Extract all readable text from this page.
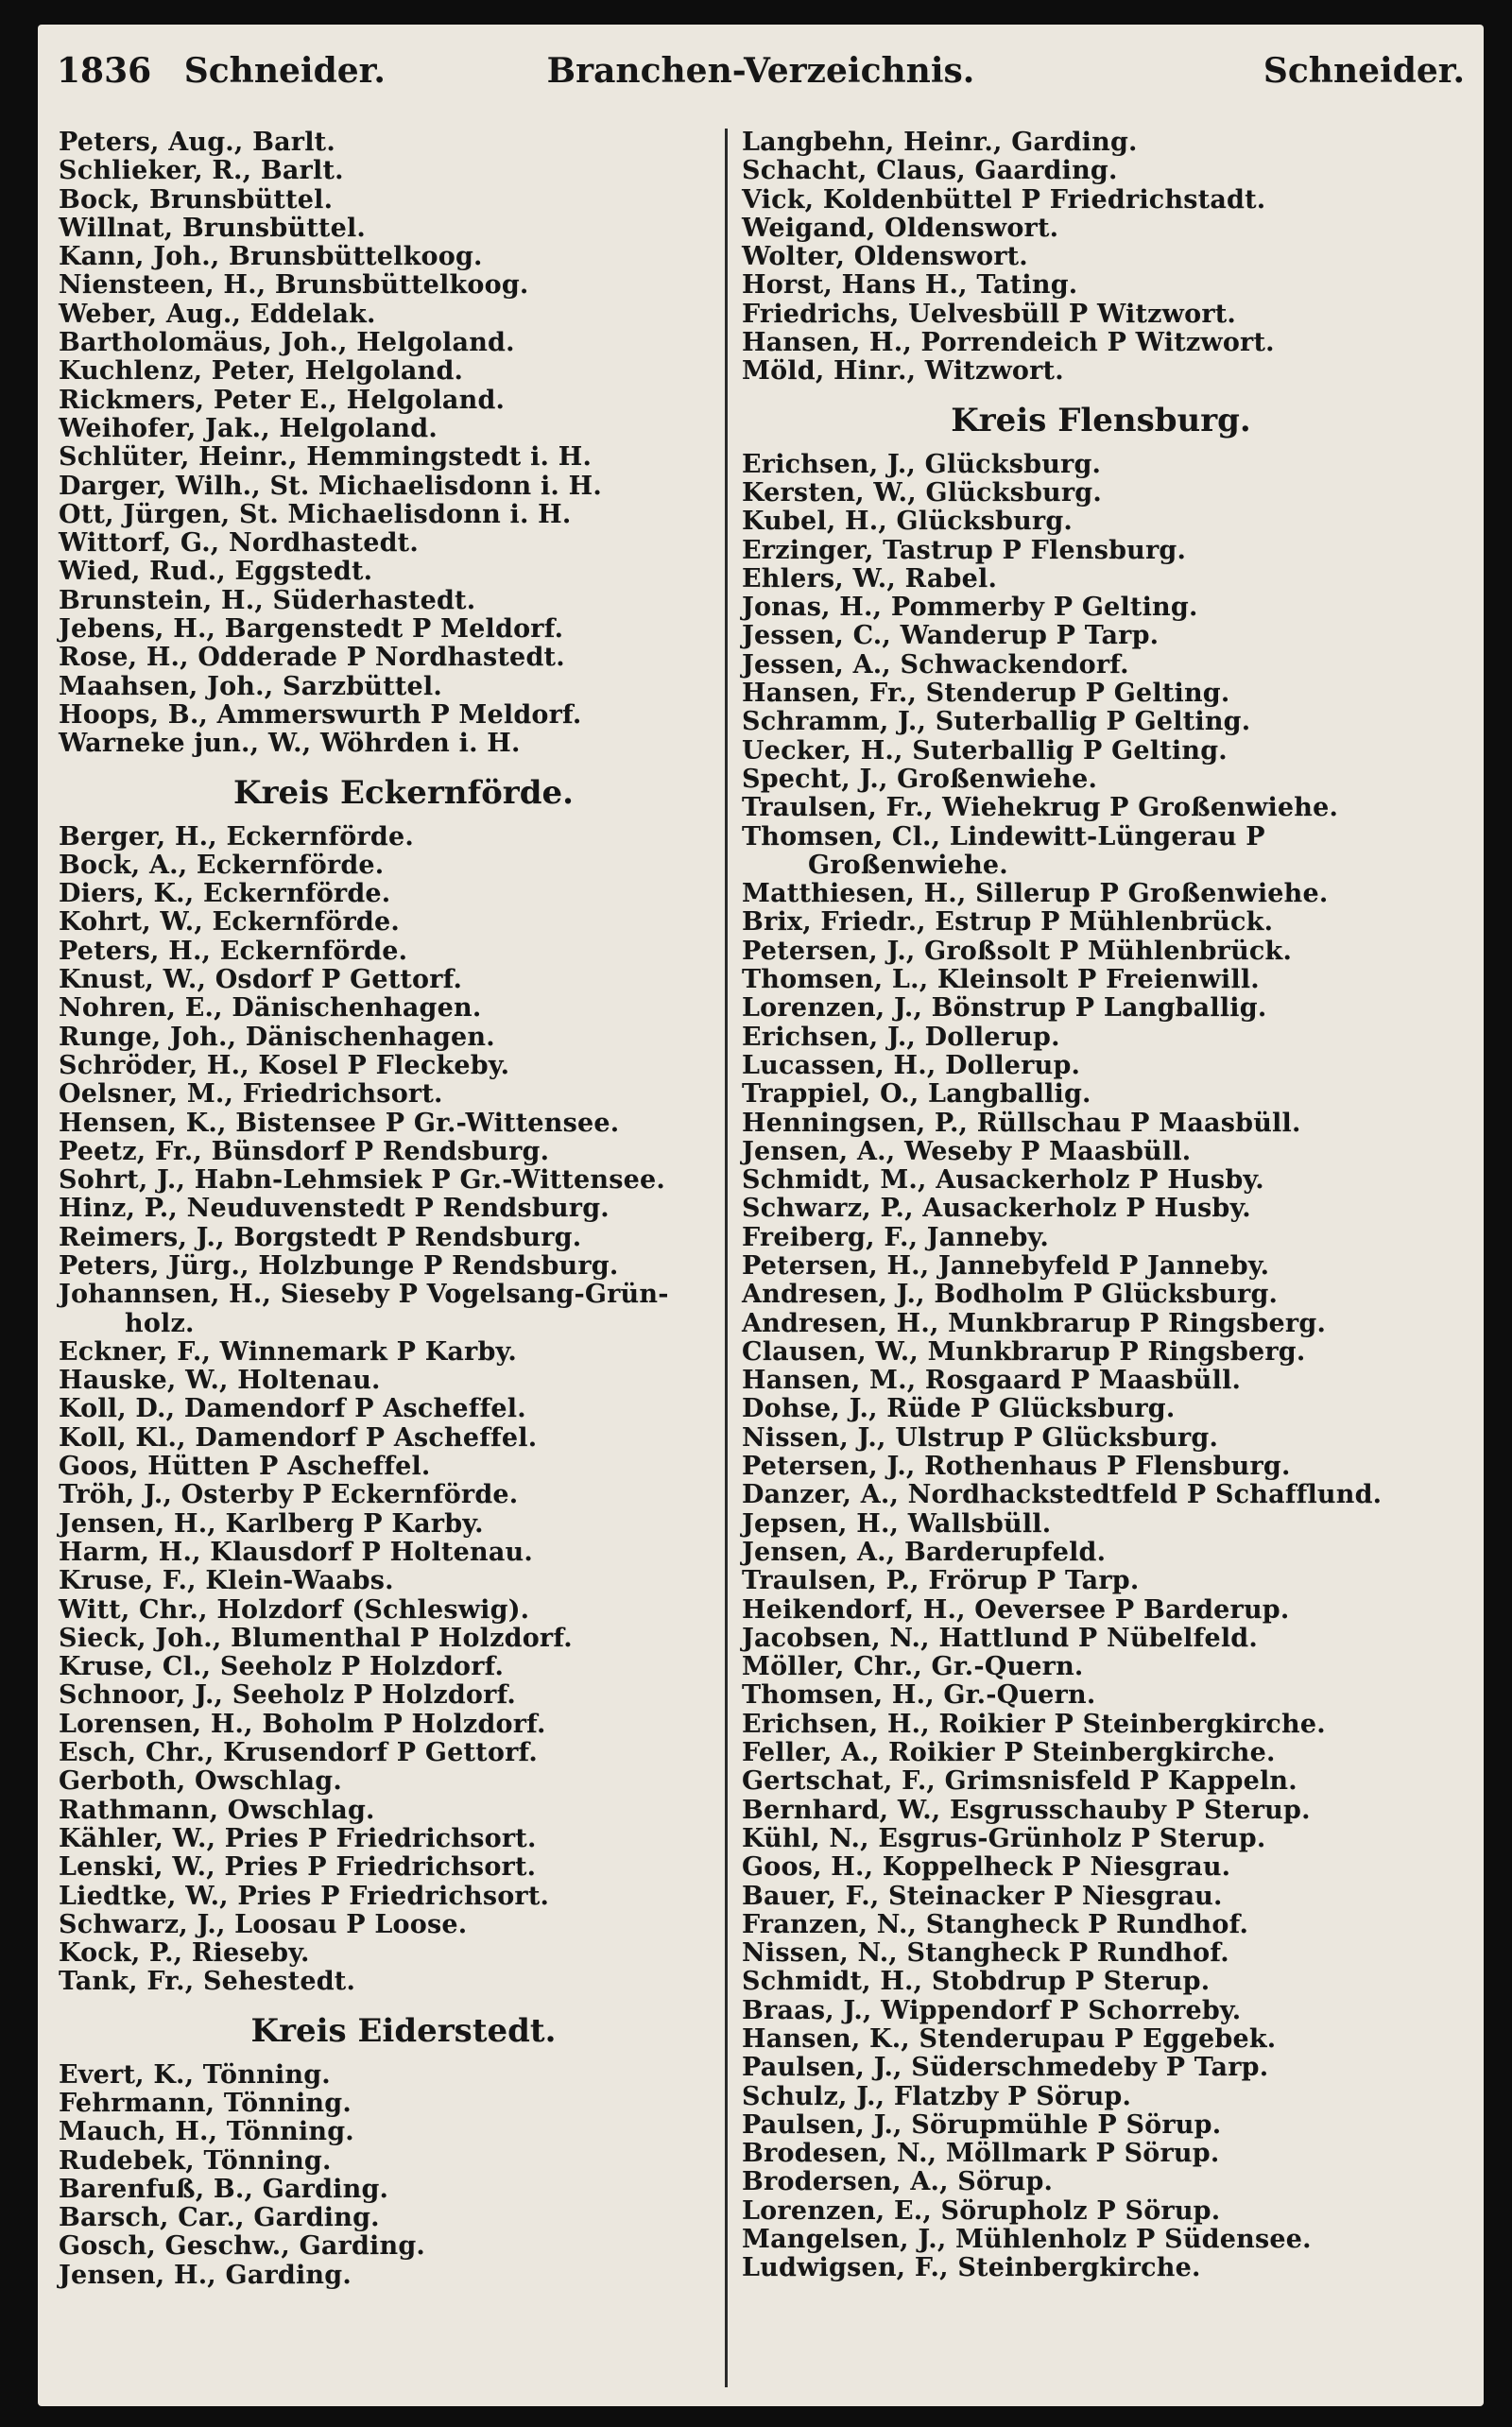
1836 Schneider.	Branchen-Verzeichnis.	Schneider.
Peters, Aug., Barlt.
Schlieker, R., Barlt.
Bock, Brunsbüttel.
Willnat, Brunsbüttel.
Kann, Joh., Brunsbüttelkoog.
Niensteen, H., Brunsbüttelkoog.
Weber, Aug., Eddelak.
Bartholomäus, Joh., Helgoland.
Kuchlenz, Peter, Helgoland.
Rickmers, Peter E., Helgoland.
Weihofer, Jak., Helgoland.
Schlüter, Heinr., Hemmingstedt i. H.
Darger, Wilh., St. Michaelisdonn i. H.
Ott, Jürgen, St. Michaelisdonn i. H.
Wittorf, G., Nordhastedt.
Wied, Rud., Eggstedt.
Brunstein, H., Süderhastedt.
Jebens, H., Bargenstedt P Meldorf.
Rose, H., Odderade P Nordhastedt.
Maahsen, Joh., Sarzbüttel.
Hoops, B., Ammerswurth P Meldorf.
Warneke jun., W., Wöhrden i. H.
Kreis Eckernförde.
Berger, H., Eckernförde.
Bock, A., Eckernförde.
Diers, K., Eckernförde.
Kohrt, W., Eckernförde.
Peters, H., Eckernförde.
Knust, W., Osdorf P Gettorf.
Nohren, E., Dänischenhagen.
Runge, Joh., Dänischenhagen.
Schröder, H., Kosel P Fleckeby.
Oelsner, M., Friedrichsort.
Hensen, K., Bistensee P Gr.-Wittensee.
Peetz, Fr., Bünsdorf P Rendsburg.
Sohrt, J., Habn-Lehmsiek P Gr.-Wittensee.
Hinz, P., Neuduvenstedt P Rendsburg.
Reimers, J., Borgstedt P Rendsburg.
Peters, Jürg., Holzbunge P Rendsburg.
Johannsen, H., Sieseby P Vogelsang-Grün-
holz.
Eckner, F., Winnemark P Karby.
Hauske, W., Holtenau.
Koll, D., Damendorf P Ascheffel.
Koll, Kl., Damendorf P Ascheffel.
Goos, Hütten P Ascheffel.
Tröh, J., Osterby P Eckernförde.
Jensen, H., Karlberg P Karby.
Harm, H., Klausdorf P Holtenau.
Kruse, F., Klein-Waabs.
Witt, Chr., Holzdorf (Schleswig).
Sieck, Joh., Blumenthal P Holzdorf.
Kruse, Cl., Seeholz P Holzdorf.
Schnoor, J., Seeholz P Holzdorf.
Lorensen, H., Boholm P Holzdorf.
Esch, Chr., Krusendorf P Gettorf.
Gerboth, Owschlag.
Rathmann, Owschlag.
Kähler, W., Pries P Friedrichsort.
Lenski, W., Pries P Friedrichsort.
Liedtke, W., Pries P Friedrichsort.
Schwarz, J., Loosau P Loose.
Kock, P., Rieseby.
Tank, Fr., Sehestedt.
Kreis Eiderstedt.
Evert, K., Tönning.
Fehrmann, Tönning.
Mauch, H., Tönning.
Rudebek, Tönning.
Barenfuß, B., Garding.
Barsch, Car., Garding.
Gosch, Geschw., Garding.
Jensen, H., Garding.
Langbehn, Heinr., Garding.
Schacht, Claus, Gaarding.
Vick, Koldenbüttel P Friedrichstadt.
Weigand, Oldenswort.
Wolter, Oldenswort.
Horst, Hans H., Tating.
Friedrichs, Uelvesbüll P Witzwort.
Hansen, H., Porrendeich P Witzwort.
Möld, Hinr., Witzwort.
Kreis Flensburg.
Erichsen, J., Glücksburg.
Kersten, W., Glücksburg.
Kubel, H., Glücksburg.
Erzinger, Tastrup P Flensburg.
Ehlers, W., Rabel.
Jonas, H., Pommerby P Gelting.
Jessen, C., Wanderup P Tarp.
Jessen, A., Schwackendorf.
Hansen, Fr., Stenderup P Gelting.
Schramm, J., Suterballig P Gelting.
Uecker, H., Suterballig P Gelting.
Specht, J., Großenwiehe.
Traulsen, Fr., Wiehekrug P Großenwiehe.
Thomsen, Cl., Lindewitt-Lüngerau P
Großenwiehe.
Matthiesen, H., Sillerup P Großenwiehe.
Brix, Friedr., Estrup P Mühlenbrück.
Petersen, J., Großsolt P Mühlenbrück.
Thomsen, L., Kleinsolt P Freienwill.
Lorenzen, J., Bönstrup P Langballig.
Erichsen, J., Dollerup.
Lucassen, H., Dollerup.
Trappiel, O., Langballig.
Henningsen, P., Rüllschau P Maasbüll.
Jensen, A., Weseby P Maasbüll.
Schmidt, M., Ausackerholz P Husby.
Schwarz, P., Ausackerholz P Husby.
Freiberg, F., Janneby.
Petersen, H., Jannebyfeld P Janneby.
Andresen, J., Bodholm P Glücksburg.
Andresen, H., Munkbrarup P Ringsberg.
Clausen, W., Munkbrarup P Ringsberg.
Hansen, M., Rosgaard P Maasbüll.
Dohse, J., Rüde P Glücksburg.
Nissen, J., Ulstrup P Glücksburg.
Petersen, J., Rothenhaus P Flensburg.
Danzer, A., Nordhackstedtfeld P Schafflund.
Jepsen, H., Wallsbüll.
Jensen, A., Barderupfeld.
Traulsen, P., Frörup P Tarp.
Heikendorf, H., Oeversee P Barderup.
Jacobsen, N., Hattlund P Nübelfeld.
Möller, Chr., Gr.-Quern.
Thomsen, H., Gr.-Quern.
Erichsen, H., Roikier P Steinbergkirche.
Feller, A., Roikier P Steinbergkirche.
Gertschat, F., Grimsnisfeld P Kappeln.
Bernhard, W., Esgrusschauby P Sterup.
Kühl, N., Esgrus-Grünholz P Sterup.
Goos, H., Koppelheck P Niesgrau.
Bauer, F., Steinacker P Niesgrau.
Franzen, N., Stangheck P Rundhof.
Nissen, N., Stangheck P Rundhof.
Schmidt, H., Stobdrup P Sterup.
Braas, J., Wippendorf P Schorreby.
Hansen, K., Stenderupau P Eggebek.
Paulsen, J., Süderschmedeby P Tarp.
Schulz, J., Flatzby P Sörup.
Paulsen, J., Sörupmühle P Sörup.
Brodesen, N., Möllmark P Sörup.
Brodersen, A., Sörup.
Lorenzen, E., Sörupholz P Sörup.
Mangelsen, J., Mühlenholz P Südensee.
Ludwigsen, F., Steinbergkirche.
